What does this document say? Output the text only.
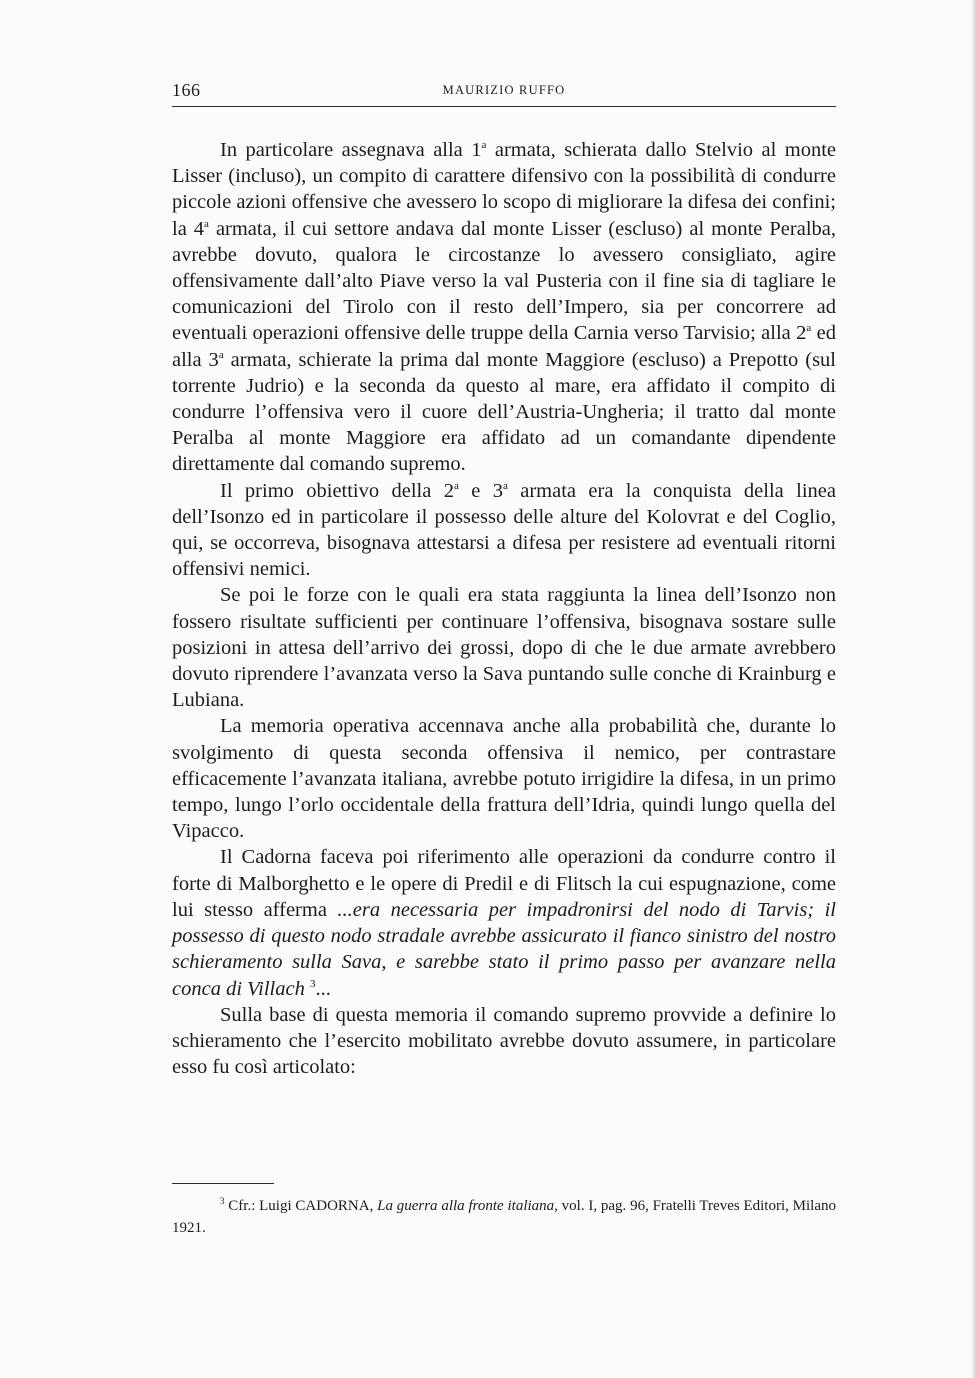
166	MAURIZIO RUFFO

In particolare assegnava alla 1$^a$ armata, schierata dallo Stelvio al monte Lisser (incluso), un compito di carattere difensivo con la possibilità di condurre piccole azioni offensive che avessero lo scopo di migliorare la difesa dei confini; la 4$^a$ armata, il cui settore andava dal monte Lisser (escluso) al monte Peralba, avrebbe dovuto, qualora le circostanze lo avessero consigliato, agire offensivamente dall’alto Piave verso la val Pusteria con il fine sia di tagliare le comunicazioni del Tirolo con il resto dell’Impero, sia per concorrere ad eventuali operazioni offensive delle truppe della Carnia verso Tarvisio; alla 2$^a$ ed alla 3$^a$ armata, schierate la prima dal monte Maggiore (escluso) a Prepotto (sul torrente Judrio) e la seconda da questo al mare, era affidato il compito di condurre l’offensiva vero il cuore dell’Austria-Ungheria; il tratto dal monte Peralba al monte Maggiore era affidato ad un comandante dipendente direttamente dal comando supremo.

Il primo obiettivo della 2$^a$ e 3$^a$ armata era la conquista della linea dell’Isonzo ed in particolare il possesso delle alture del Kolovrat e del Coglio, qui, se occorreva, bisognava attestarsi a difesa per resistere ad eventuali ritorni offensivi nemici.

Se poi le forze con le quali era stata raggiunta la linea dell’Isonzo non fossero risultate sufficienti per continuare l’offensiva, bisognava sostare sulle posizioni in attesa dell’arrivo dei grossi, dopo di che le due armate avrebbero dovuto riprendere l’avanzata verso la Sava puntando sulle conche di Krainburg e Lubiana.

La memoria operativa accennava anche alla probabilità che, durante lo svolgimento di questa seconda offensiva il nemico, per contrastare efficacemente l’avanzata italiana, avrebbe potuto irrigidire la difesa, in un primo tempo, lungo l’orlo occidentale della frattura dell’Idria, quindi lungo quella del Vipacco.

Il Cadorna faceva poi riferimento alle operazioni da condurre contro il forte di Malborghetto e le opere di Predil e di Flitsch la cui espugnazione, come lui stesso afferma ...era necessaria per impadronirsi del nodo di Tarvis; il possesso di questo nodo stradale avrebbe assicurato il fianco sinistro del nostro schieramento sulla Sava, e sarebbe stato il primo passo per avanzare nella conca di Villach $^3$...

Sulla base di questa memoria il comando supremo provvide a definire lo schieramento che l’esercito mobilitato avrebbe dovuto assumere, in particolare esso fu così articolato:

$^3$ Cfr.: Luigi CADORNA, La guerra alla fronte italiana, vol. I, pag. 96, Fratelli Treves Editori, Milano 1921.
